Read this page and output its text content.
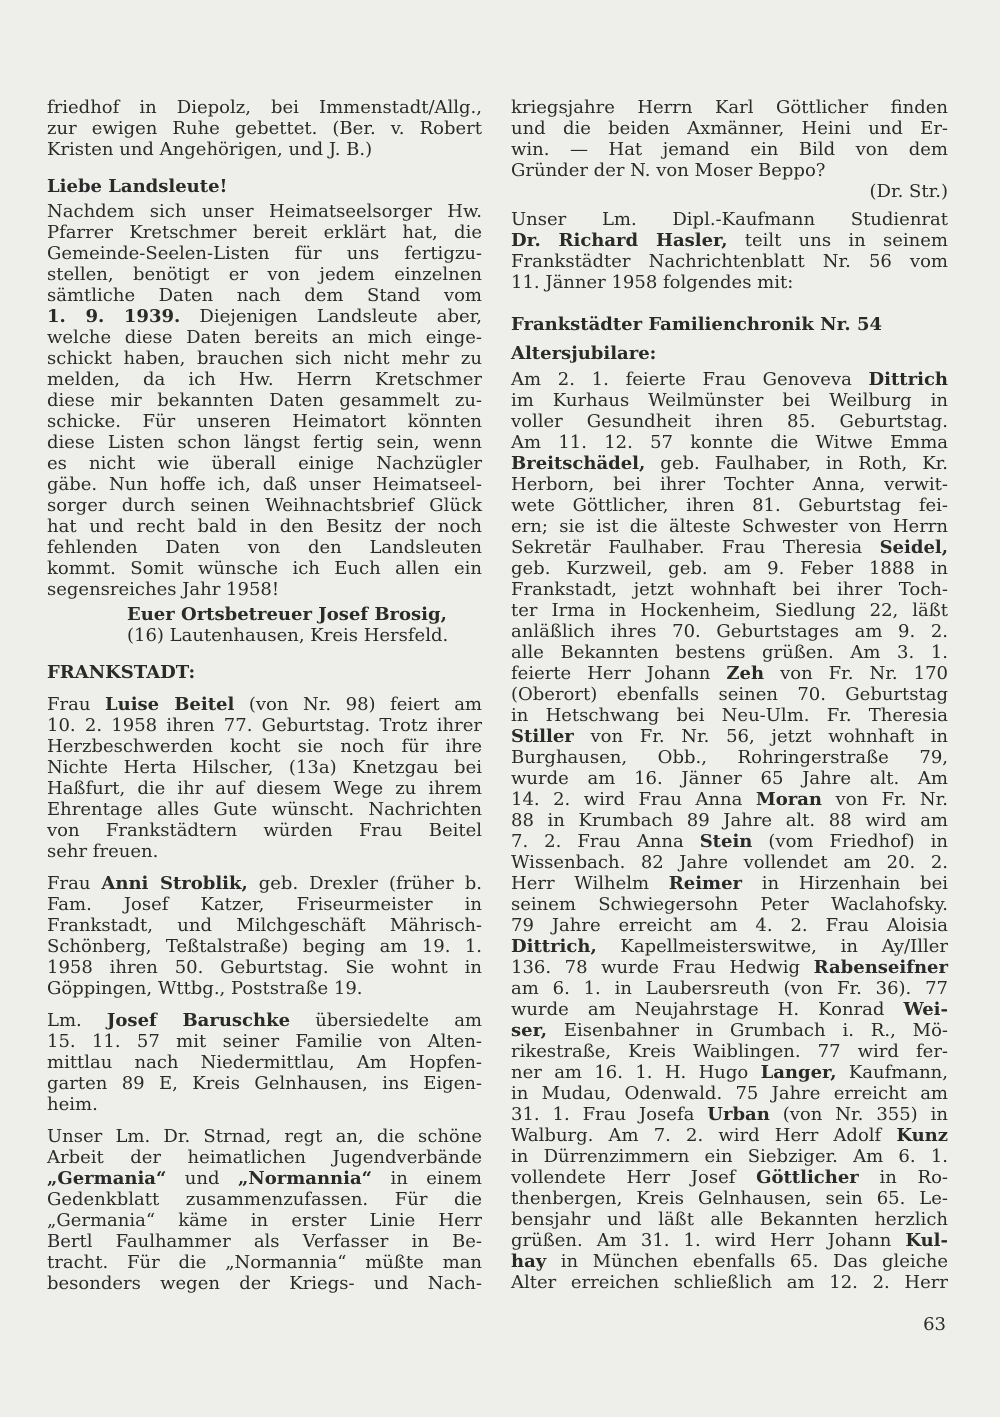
friedhof in Diepolz, bei Immenstadt/Allg.,
zur ewigen Ruhe gebettet. (Ber. v. Robert
Kristen und Angehörigen, und J. B.)
Liebe Landsleute!
Nachdem sich unser Heimatseelsorger Hw.
Pfarrer Kretschmer bereit erklärt hat, die
Gemeinde-Seelen-Listen für uns fertigzu-
stellen, benötigt er von jedem einzelnen
sämtliche Daten nach dem Stand vom
1. 9. 1939. Diejenigen Landsleute aber,
welche diese Daten bereits an mich einge-
schickt haben, brauchen sich nicht mehr zu
melden, da ich Hw. Herrn Kretschmer
diese mir bekannten Daten gesammelt zu-
schicke. Für unseren Heimatort könnten
diese Listen schon längst fertig sein, wenn
es nicht wie überall einige Nachzügler
gäbe. Nun hoffe ich, daß unser Heimatseel-
sorger durch seinen Weihnachtsbrief Glück
hat und recht bald in den Besitz der noch
fehlenden Daten von den Landsleuten
kommt. Somit wünsche ich Euch allen ein
segensreiches Jahr 1958!
Euer Ortsbetreuer Josef Brosig,
(16) Lautenhausen, Kreis Hersfeld.
FRANKSTADT:
Frau Luise Beitel (von Nr. 98) feiert am
10. 2. 1958 ihren 77. Geburtstag. Trotz ihrer
Herzbeschwerden kocht sie noch für ihre
Nichte Herta Hilscher, (13a) Knetzgau bei
Haßfurt, die ihr auf diesem Wege zu ihrem
Ehrentage alles Gute wünscht. Nachrichten
von Frankstädtern würden Frau Beitel
sehr freuen.
Frau Anni Stroblik, geb. Drexler (früher b.
Fam. Josef Katzer, Friseurmeister in
Frankstadt, und Milchgeschäft Mährisch-
Schönberg, Teßtalstraße) beging am 19. 1.
1958 ihren 50. Geburtstag. Sie wohnt in
Göppingen, Wttbg., Poststraße 19.
Lm. Josef Baruschke übersiedelte am
15. 11. 57 mit seiner Familie von Alten-
mittlau nach Niedermittlau, Am Hopfen-
garten 89 E, Kreis Gelnhausen, ins Eigen-
heim.
Unser Lm. Dr. Strnad, regt an, die schöne
Arbeit der heimatlichen Jugendverbände
„Germania“ und „Normannia“ in einem
Gedenkblatt zusammenzufassen. Für die
„Germania“ käme in erster Linie Herr
Bertl Faulhammer als Verfasser in Be-
tracht. Für die „Normannia“ müßte man
besonders wegen der Kriegs- und Nach-
kriegsjahre Herrn Karl Göttlicher finden
und die beiden Axmänner, Heini und Er-
win. — Hat jemand ein Bild von dem
Gründer der N. von Moser Beppo?
(Dr. Str.)
Unser Lm. Dipl.-Kaufmann Studienrat
Dr. Richard Hasler, teilt uns in seinem
Frankstädter Nachrichtenblatt Nr. 56 vom
11. Jänner 1958 folgendes mit:
Frankstädter Familienchronik Nr. 54
Altersjubilare:
Am 2. 1. feierte Frau Genoveva Dittrich
im Kurhaus Weilmünster bei Weilburg in
voller Gesundheit ihren 85. Geburtstag.
Am 11. 12. 57 konnte die Witwe Emma
Breitschädel, geb. Faulhaber, in Roth, Kr.
Herborn, bei ihrer Tochter Anna, verwit-
wete Göttlicher, ihren 81. Geburtstag fei-
ern; sie ist die älteste Schwester von Herrn
Sekretär Faulhaber. Frau Theresia Seidel,
geb. Kurzweil, geb. am 9. Feber 1888 in
Frankstadt, jetzt wohnhaft bei ihrer Toch-
ter Irma in Hockenheim, Siedlung 22, läßt
anläßlich ihres 70. Geburtstages am 9. 2.
alle Bekannten bestens grüßen. Am 3. 1.
feierte Herr Johann Zeh von Fr. Nr. 170
(Oberort) ebenfalls seinen 70. Geburtstag
in Hetschwang bei Neu-Ulm. Fr. Theresia
Stiller von Fr. Nr. 56, jetzt wohnhaft in
Burghausen, Obb., Rohringerstraße 79,
wurde am 16. Jänner 65 Jahre alt. Am
14. 2. wird Frau Anna Moran von Fr. Nr.
88 in Krumbach 89 Jahre alt. 88 wird am
7. 2. Frau Anna Stein (vom Friedhof) in
Wissenbach. 82 Jahre vollendet am 20. 2.
Herr Wilhelm Reimer in Hirzenhain bei
seinem Schwiegersohn Peter Waclahofsky.
79 Jahre erreicht am 4. 2. Frau Aloisia
Dittrich, Kapellmeisterswitwe, in Ay/Iller
136. 78 wurde Frau Hedwig Rabenseifner
am 6. 1. in Laubersreuth (von Fr. 36). 77
wurde am Neujahrstage H. Konrad Wei-
ser, Eisenbahner in Grumbach i. R., Mö-
rikestraße, Kreis Waiblingen. 77 wird fer-
ner am 16. 1. H. Hugo Langer, Kaufmann,
in Mudau, Odenwald. 75 Jahre erreicht am
31. 1. Frau Josefa Urban (von Nr. 355) in
Walburg. Am 7. 2. wird Herr Adolf Kunz
in Dürrenzimmern ein Siebziger. Am 6. 1.
vollendete Herr Josef Göttlicher in Ro-
thenbergen, Kreis Gelnhausen, sein 65. Le-
bensjahr und läßt alle Bekannten herzlich
grüßen. Am 31. 1. wird Herr Johann Kul-
hay in München ebenfalls 65. Das gleiche
Alter erreichen schließlich am 12. 2. Herr
63
